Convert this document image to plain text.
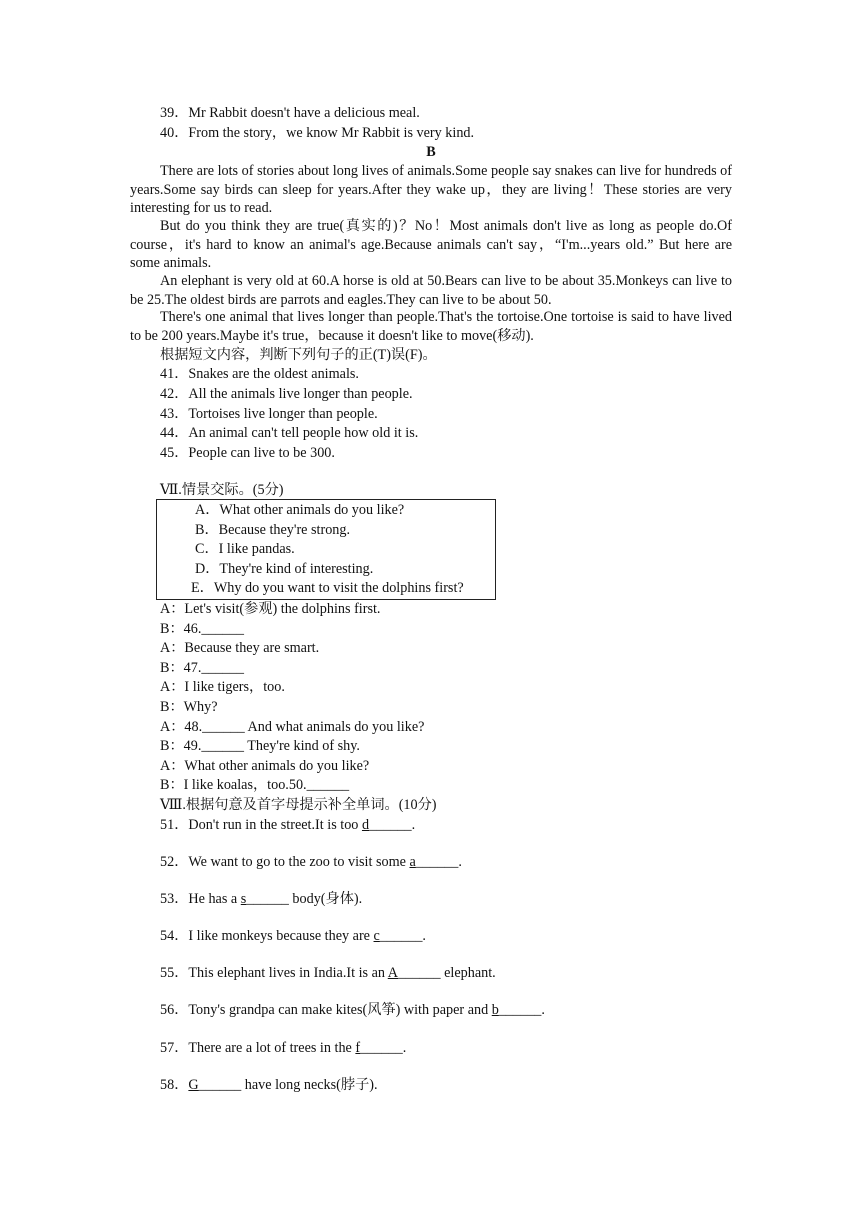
39．Mr Rabbit doesn't have a delicious meal.
40．From the story，we know Mr Rabbit is very kind.
B
There are lots of stories about long lives of animals.Some people say snakes can live for hundreds of years.Some say birds can sleep for years.After they wake up，they are living！These stories are very interesting for us to read.
But do you think they are true(真实的)？No！Most animals don't live as long as people do.Of course，it's hard to know an animal's age.Because animals can't say，“I'm...years old.” But here are some animals.
An elephant is very old at 60.A horse is old at 50.Bears can live to be about 35.Monkeys can live to be 25.The oldest birds are parrots and eagles.They can live to be about 50.
There's one animal that lives longer than people.That's the tortoise.One tortoise is said to have lived to be 200 years.Maybe it's true，because it doesn't like to move(移动).
根据短文内容，判断下列句子的正(T)误(F)。
41．Snakes are the oldest animals.
42．All the animals live longer than people.
43．Tortoises live longer than people.
44．An animal can't tell people how old it is.
45．People can live to be 300.
Ⅶ.情景交际。(5分)
A．What other animals do you like?
B．Because they're strong.
C．I like pandas.
D．They're kind of interesting.
E．Why do you want to visit the dolphins first?
A：Let's visit(参观) the dolphins first.
B：46.______
A：Because they are smart.
B：47.______
A：I like tigers，too.
B：Why?
A：48.______ And what animals do you like?
B：49.______ They're kind of shy.
A：What other animals do you like?
B：I like koalas，too.50.______
Ⅷ.根据句意及首字母提示补全单词。(10分)
51．Don't run in the street.It is too d______.
52．We want to go to the zoo to visit some a______.
53．He has a s______ body(身体).
54．I like monkeys because they are c______.
55．This elephant lives in India.It is an A______ elephant.
56．Tony's grandpa can make kites(风筝) with paper and b______.
57．There are a lot of trees in the f______.
58．G______ have long necks(脖子).
